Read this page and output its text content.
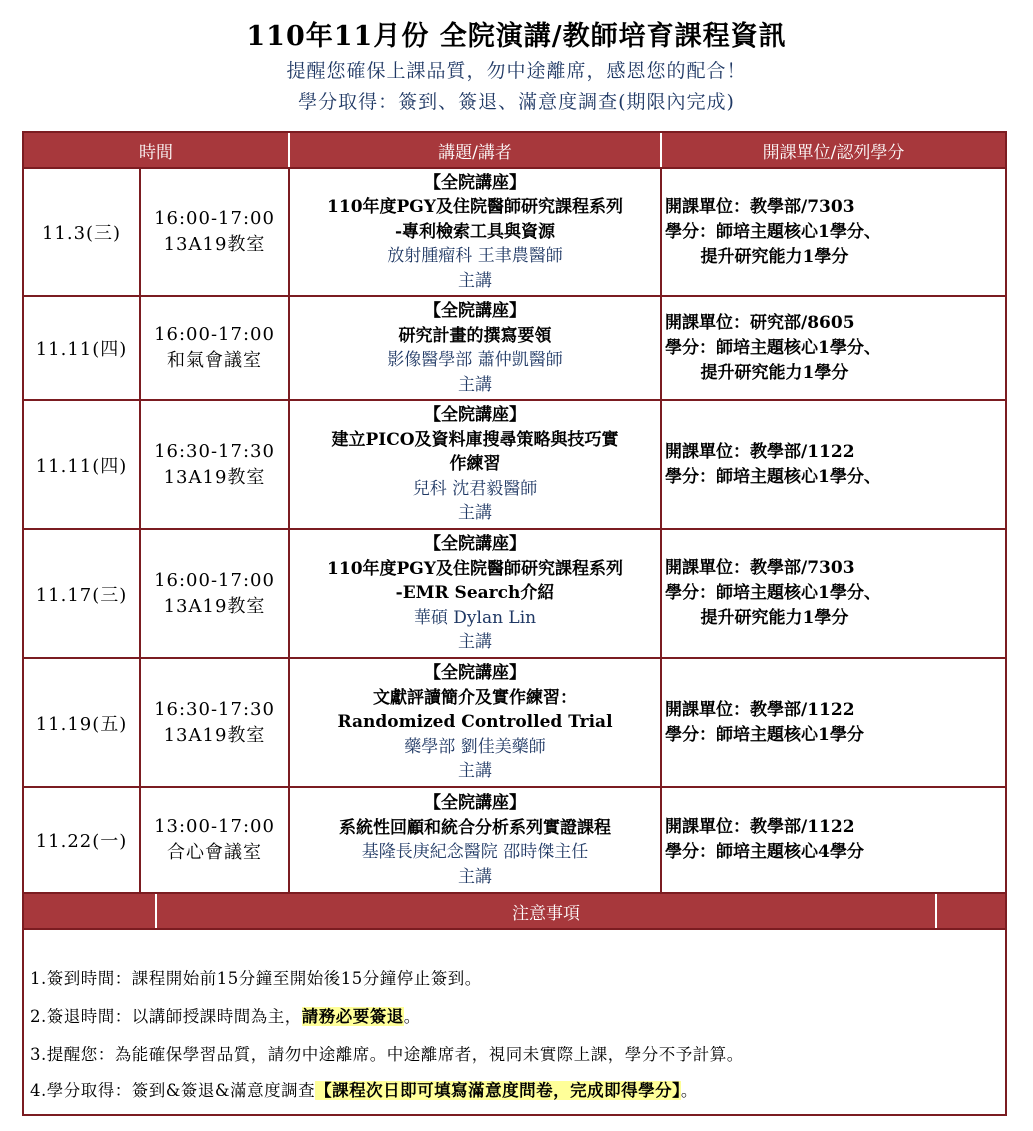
110年11月份 全院演講/教師培育課程資訊
提醒您確保上課品質，勿中途離席，感恩您的配合！
學分取得：簽到、簽退、滿意度調查(期限內完成)
時間	講題/講者	開課單位/認列學分
11.3(三)
16:00-17:00
13A19教室
【全院講座】
110年度PGY及住院醫師研究課程系列
-專利檢索工具與資源
放射腫瘤科 王聿農醫師
主講
開課單位：教學部/7303
學分：師培主題核心1學分、
提升研究能力1學分
11.11(四)
16:00-17:00
和氣會議室
【全院講座】
研究計畫的撰寫要領
影像醫學部 蕭仲凱醫師
主講
開課單位：研究部/8605
學分：師培主題核心1學分、
提升研究能力1學分
11.11(四)
16:30-17:30
13A19教室
【全院講座】
建立PICO及資料庫搜尋策略與技巧實
作練習
兒科 沈君毅醫師
主講
開課單位：教學部/1122
學分：師培主題核心1學分、
11.17(三)
16:00-17:00
13A19教室
【全院講座】
110年度PGY及住院醫師研究課程系列
-EMR Search介紹
華碩 Dylan Lin
主講
開課單位：教學部/7303
學分：師培主題核心1學分、
提升研究能力1學分
11.19(五)
16:30-17:30
13A19教室
【全院講座】
文獻評讀簡介及實作練習：
Randomized Controlled Trial
藥學部 劉佳美藥師
主講
開課單位：教學部/1122
學分：師培主題核心1學分
11.22(一)
13:00-17:00
合心會議室
【全院講座】
系統性回顧和統合分析系列實證課程
基隆長庚紀念醫院 邵時傑主任
主講
開課單位：教學部/1122
學分：師培主題核心4學分
注意事項
1.簽到時間：課程開始前15分鐘至開始後15分鐘停止簽到。
2.簽退時間：以講師授課時間為主，請務必要簽退。
3.提醒您：為能確保學習品質，請勿中途離席。中途離席者，視同未實際上課，學分不予計算。
4.學分取得：簽到&簽退&滿意度調查【課程次日即可填寫滿意度問卷，完成即得學分】。
